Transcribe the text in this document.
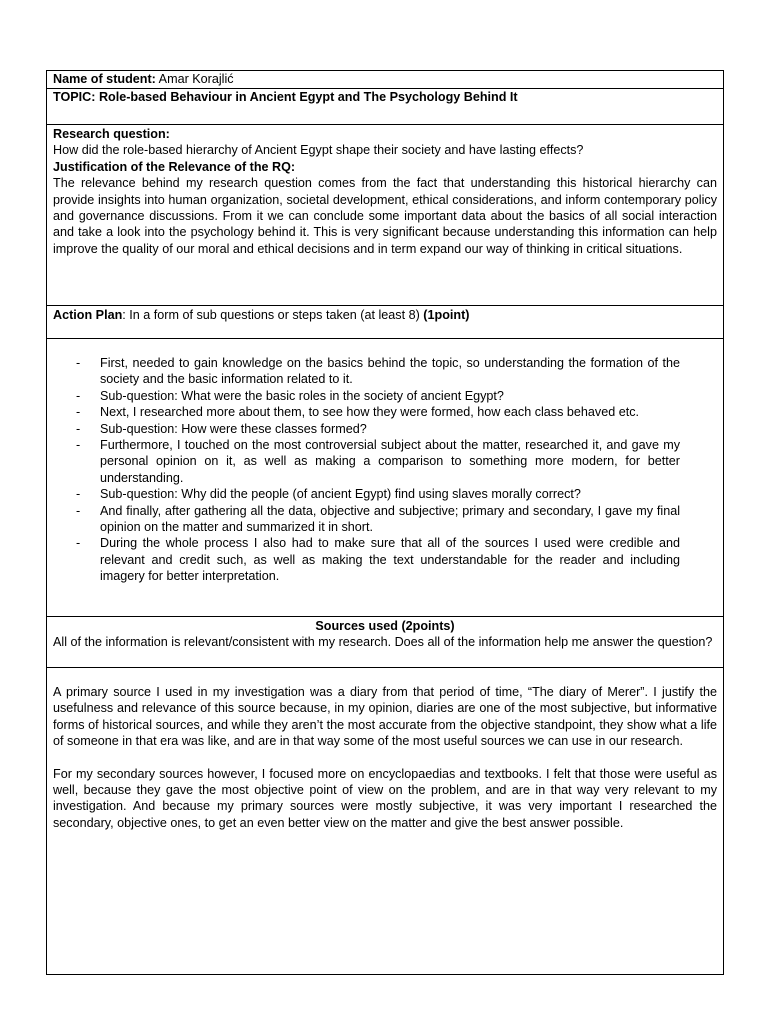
Name of student: Amar Korajlić
TOPIC: Role-based Behaviour in Ancient Egypt and The Psychology Behind It
Research question:
How did the role-based hierarchy of Ancient Egypt shape their society and have lasting effects?
Justification of the Relevance of the RQ:
The relevance behind my research question comes from the fact that understanding this historical hierarchy can provide insights into human organization, societal development, ethical considerations, and inform contemporary policy and governance discussions. From it we can conclude some important data about the basics of all social interaction and take a look into the psychology behind it. This is very significant because understanding this information can help improve the quality of our moral and ethical decisions and in term expand our way of thinking in critical situations.
Action Plan: In a form of sub questions or steps taken (at least 8) (1point)
- First, needed to gain knowledge on the basics behind the topic, so understanding the formation of the society and the basic information related to it.
- Sub-question: What were the basic roles in the society of ancient Egypt?
- Next, I researched more about them, to see how they were formed, how each class behaved etc.
- Sub-question: How were these classes formed?
- Furthermore, I touched on the most controversial subject about the matter, researched it, and gave my personal opinion on it, as well as making a comparison to something more modern, for better understanding.
- Sub-question: Why did the people (of ancient Egypt) find using slaves morally correct?
- And finally, after gathering all the data, objective and subjective; primary and secondary, I gave my final opinion on the matter and summarized it in short.
- During the whole process I also had to make sure that all of the sources I used were credible and relevant and credit such, as well as making the text understandable for the reader and including imagery for better interpretation.
Sources used (2points)
All of the information is relevant/consistent with my research. Does all of the information help me answer the question?

A primary source I used in my investigation was a diary from that period of time, “The diary of Merer”. I justify the usefulness and relevance of this source because, in my opinion, diaries are one of the most subjective, but informative forms of historical sources, and while they aren’t the most accurate from the objective standpoint, they show what a life of someone in that era was like, and are in that way some of the most useful sources we can use in our research.

For my secondary sources however, I focused more on encyclopaedias and textbooks. I felt that those were useful as well, because they gave the most objective point of view on the problem, and are in that way very relevant to my investigation. And because my primary sources were mostly subjective, it was very important I researched the secondary, objective ones, to get an even better view on the matter and give the best answer possible.
